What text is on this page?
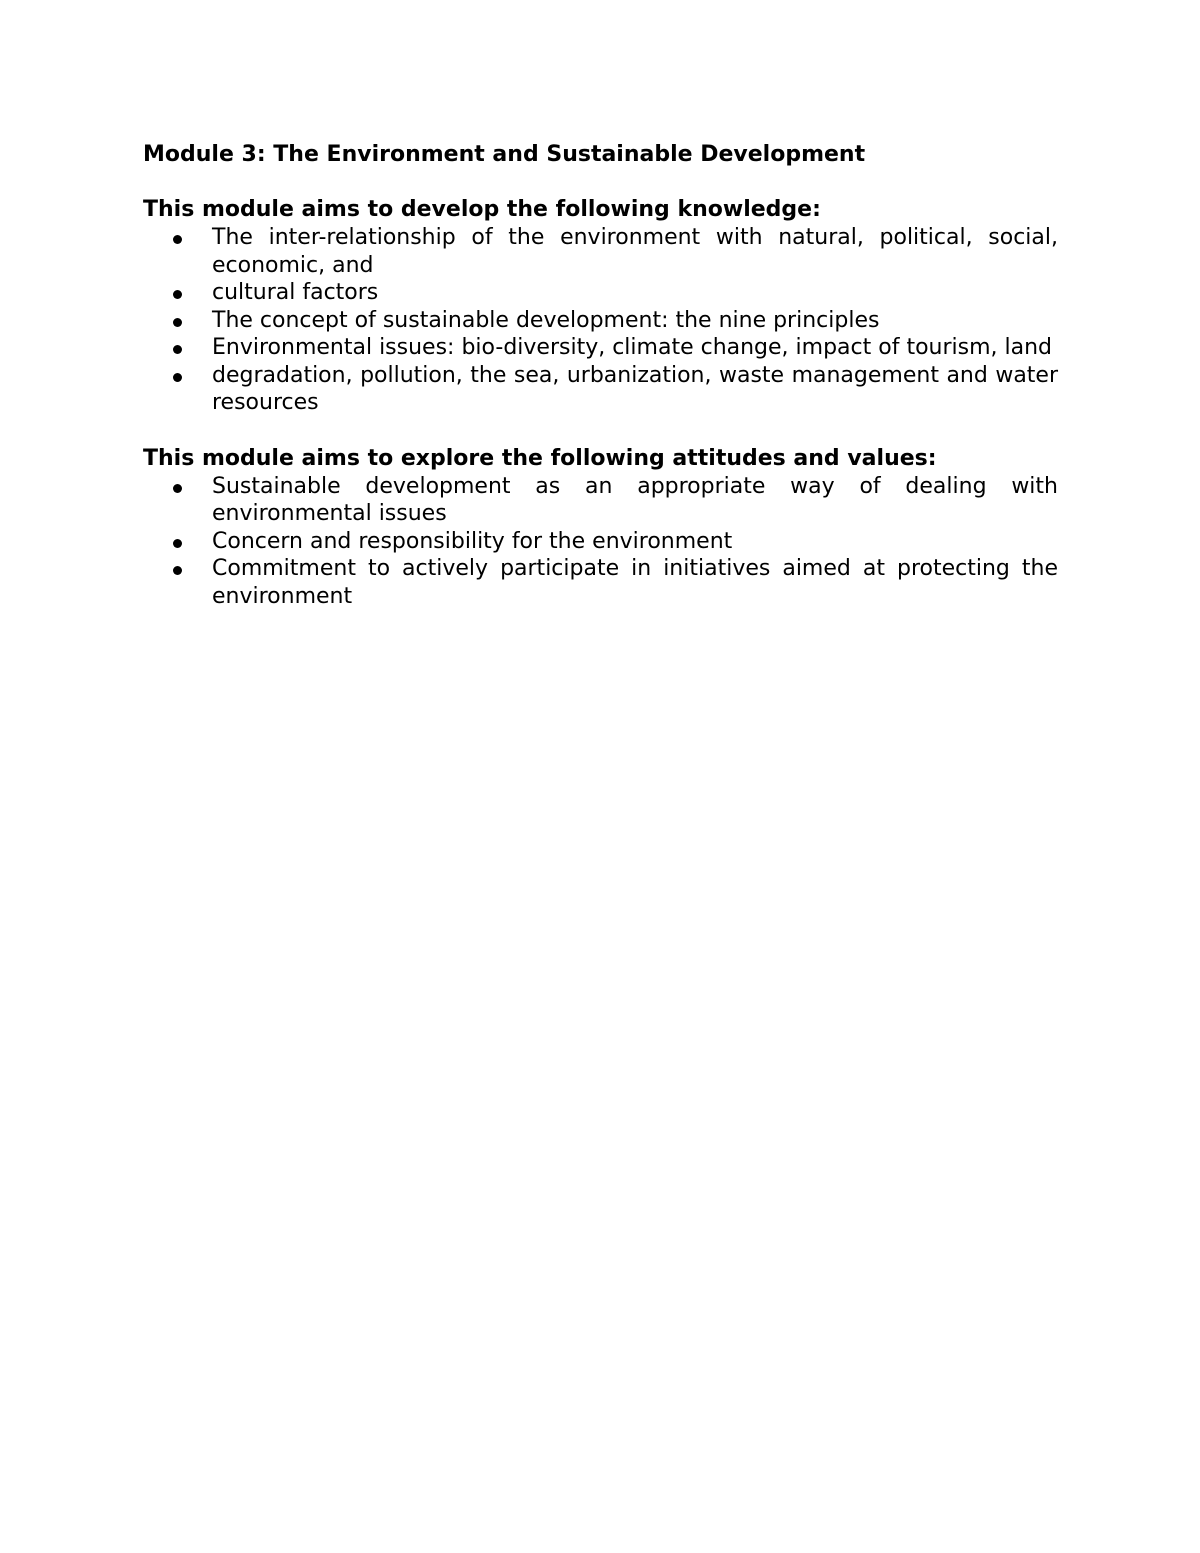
Module 3: The Environment and Sustainable Development
This module aims to develop the following knowledge:
The inter-relationship of the environment with natural, political, social, economic, and
cultural factors
The concept of sustainable development: the nine principles
Environmental issues: bio-diversity, climate change, impact of tourism, land
degradation, pollution, the sea, urbanization, waste management and water resources
This module aims to explore the following attitudes and values:
Sustainable development as an appropriate way of dealing with environmental issues
Concern and responsibility for the environment
Commitment to actively participate in initiatives aimed at protecting the environment
